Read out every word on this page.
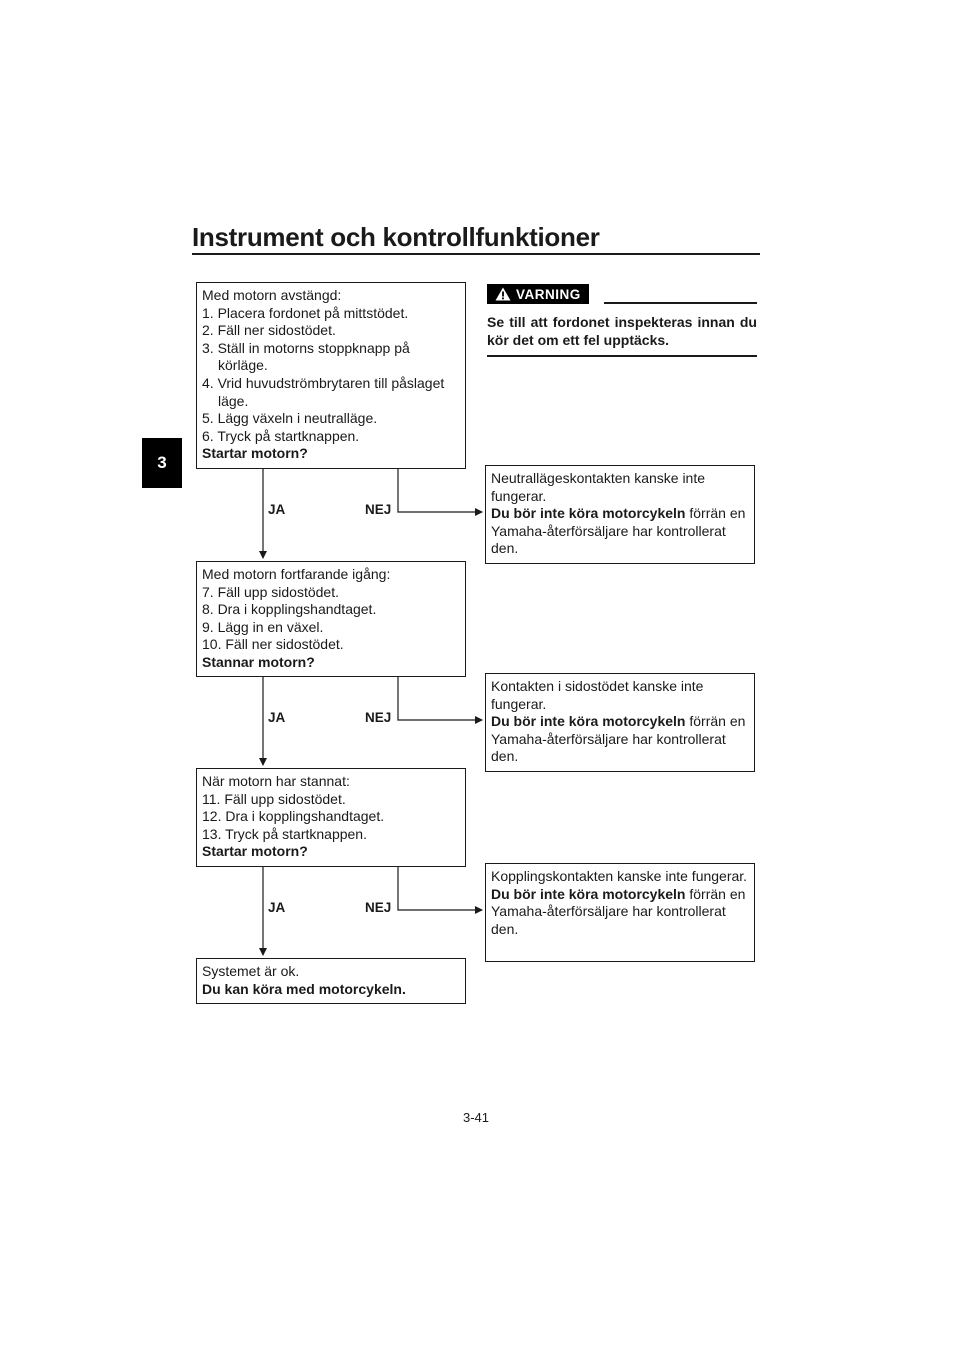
Instrument och kontrollfunktioner
3
Med motorn avstängd:
1. Placera fordonet på mittstödet.
2. Fäll ner sidostödet.
3. Ställ in motorns stoppknapp på körläge.
4. Vrid huvudströmbrytaren till påslaget läge.
5. Lägg växeln i neutralläge.
6. Tryck på startknappen.
Startar motorn?
Med motorn fortfarande igång:
7. Fäll upp sidostödet.
8. Dra i kopplingshandtaget.
9. Lägg in en växel.
10. Fäll ner sidostödet.
Stannar motorn?
När motorn har stannat:
11. Fäll upp sidostödet.
12. Dra i kopplingshandtaget.
13. Tryck på startknappen.
Startar motorn?
Systemet är ok.
Du kan köra med motorcykeln.
Neutrallägeskontakten kanske inte fungerar.
Du bör inte köra motorcykeln förrän en Yamaha-återförsäljare har kontrollerat den.
Kontakten i sidostödet kanske inte fungerar.
Du bör inte köra motorcykeln förrän en Yamaha-återförsäljare har kontrollerat den.
Kopplingskontakten kanske inte fungerar.
Du bör inte köra motorcykeln förrän en Yamaha-återförsäljare har kontrollerat den.
JA	NEJ
JA	NEJ
JA	NEJ
VARNING
Se till att fordonet inspekteras innan du kör det om ett fel upptäcks.
3-41
